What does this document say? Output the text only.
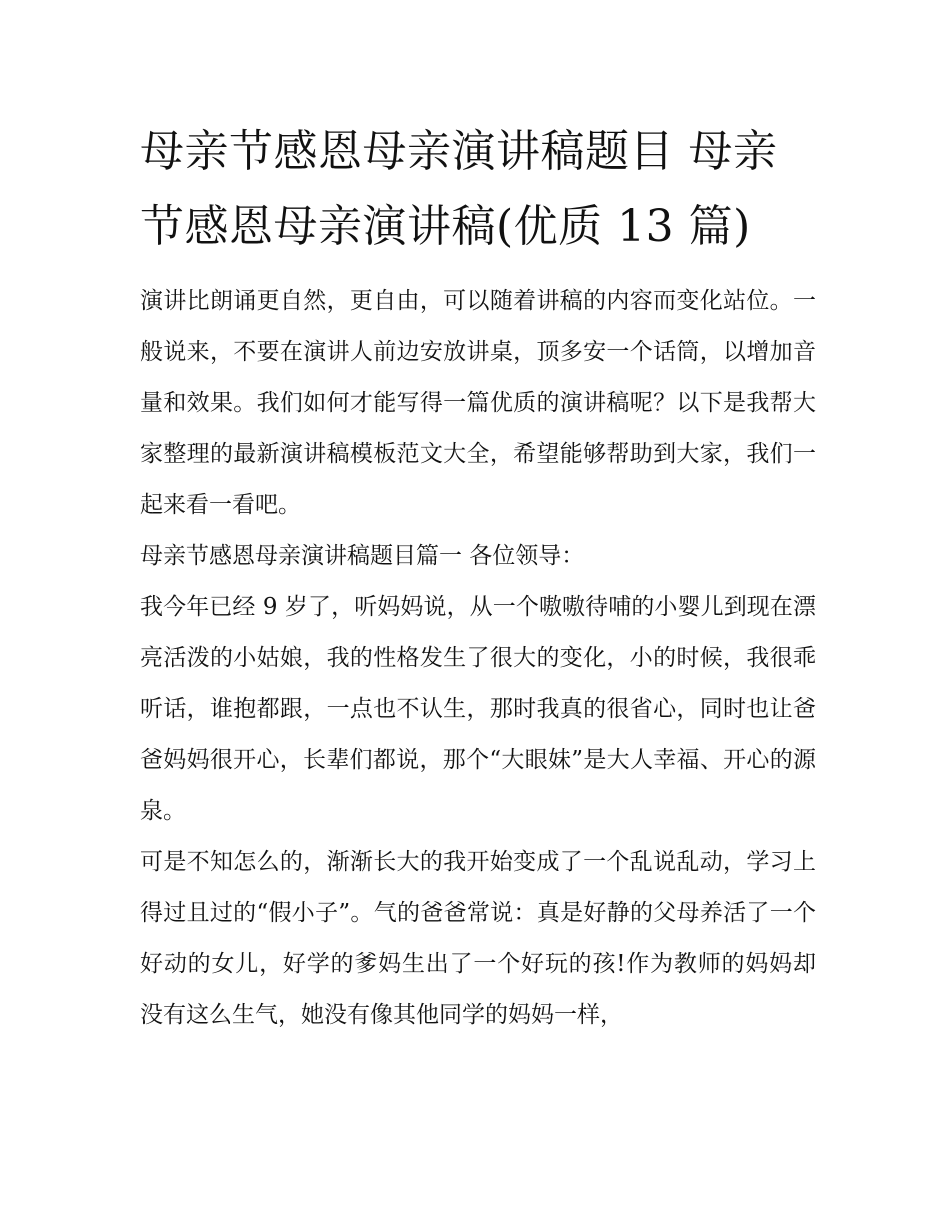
母亲节感恩母亲演讲稿题目 母亲节感恩母亲演讲稿(优质 13 篇)

演讲比朗诵更自然，更自由，可以随着讲稿的内容而变化站位。一般说来，不要在演讲人前边安放讲桌，顶多安一个话筒，以增加音量和效果。我们如何才能写得一篇优质的演讲稿呢？以下是我帮大家整理的最新演讲稿模板范文大全，希望能够帮助到大家，我们一起来看一看吧。

母亲节感恩母亲演讲稿题目篇一 各位领导：

我今年已经 9 岁了，听妈妈说，从一个嗷嗷待哺的小婴儿到现在漂亮活泼的小姑娘，我的性格发生了很大的变化，小的时候，我很乖听话，谁抱都跟，一点也不认生，那时我真的很省心，同时也让爸爸妈妈很开心，长辈们都说，那个“大眼妹”是大人幸福、开心的源泉。

可是不知怎么的，渐渐长大的我开始变成了一个乱说乱动，学习上得过且过的“假小子”。气的爸爸常说：真是好静的父母养活了一个好动的女儿，好学的爹妈生出了一个好玩的孩!作为教师的妈妈却没有这么生气，她没有像其他同学的妈妈一样，
